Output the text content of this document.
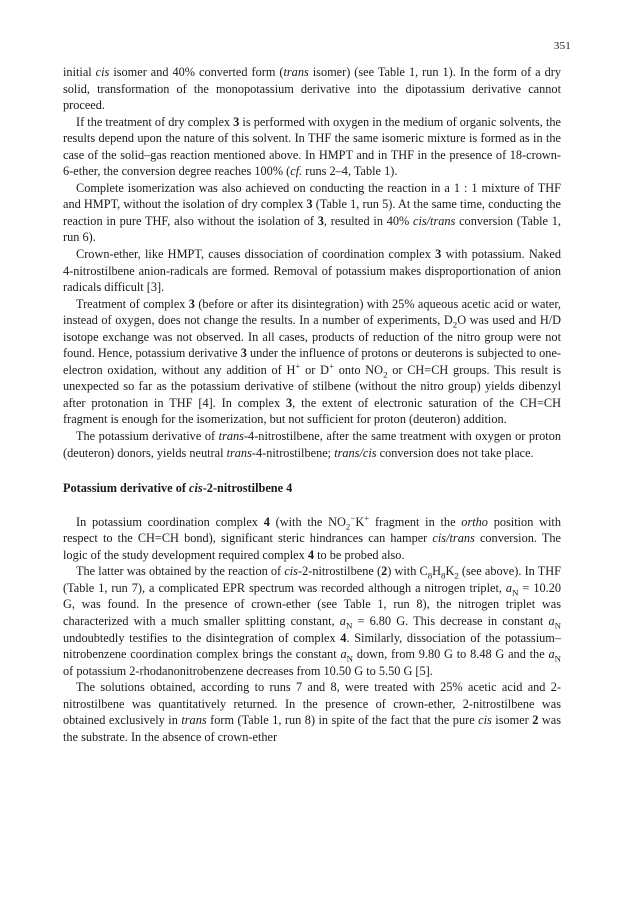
351

initial cis isomer and 40% converted form (trans isomer) (see Table 1, run 1). In the form of a dry solid, transformation of the monopotassium derivative into the dipotassium derivative cannot proceed.

If the treatment of dry complex 3 is performed with oxygen in the medium of organic solvents, the results depend upon the nature of this solvent. In THF the same isomeric mixture is formed as in the case of the solid–gas reaction mentioned above. In HMPT and in THF in the presence of 18-crown-6-ether, the conversion degree reaches 100% (cf. runs 2–4, Table 1).

Complete isomerization was also achieved on conducting the reaction in a 1 : 1 mixture of THF and HMPT, without the isolation of dry complex 3 (Table 1, run 5). At the same time, conducting the reaction in pure THF, also without the isolation of 3, resulted in 40% cis/trans conversion (Table 1, run 6).

Crown-ether, like HMPT, causes dissociation of coordination complex 3 with potassium. Naked 4-nitrostilbene anion-radicals are formed. Removal of potassium makes disproportionation of anion radicals difficult [3].

Treatment of complex 3 (before or after its disintegration) with 25% aqueous acetic acid or water, instead of oxygen, does not change the results. In a number of experiments, $D_2O$ was used and H/D isotope exchange was not observed. In all cases, products of reduction of the nitro group were not found. Hence, potassium derivative 3 under the influence of protons or deuterons is subjected to one-electron oxidation, without any addition of H+ or D+ onto $NO_2$ or CH=CH groups. This result is unexpected so far as the potassium derivative of stilbene (without the nitro group) yields dibenzyl after protonation in THF [4]. In complex 3, the extent of electronic saturation of the CH=CH fragment is enough for the isomerization, but not sufficient for proton (deuteron) addition.

The potassium derivative of trans-4-nitrostilbene, after the same treatment with oxygen or proton (deuteron) donors, yields neutral trans-4-nitrostilbene; trans/cis conversion does not take place.

Potassium derivative of cis-2-nitrostilbene 4

In potassium coordination complex 4 (with the $NO_2^-K^+$ fragment in the ortho position with respect to the CH=CH bond), significant steric hindrances can hamper cis/trans conversion. The logic of the study development required complex 4 to be probed also.

The latter was obtained by the reaction of cis-2-nitrostilbene (2) with $C_8H_8K_2$ (see above). In THF (Table 1, run 7), a complicated EPR spectrum was recorded although a nitrogen triplet, $a_N = 10.20$ G, was found. In the presence of crown-ether (see Table 1, run 8), the nitrogen triplet was characterized with a much smaller splitting constant, $a_N = 6.80$ G. This decrease in constant $a_N$ undoubtedly testifies to the disintegration of complex 4. Similarly, dissociation of the potassium–nitrobenzene coordination complex brings the constant $a_N$ down, from 9.80 G to 8.48 G and the $a_N$ of potassium 2-rhodanonitrobenzene decreases from 10.50 G to 5.50 G [5].

The solutions obtained, according to runs 7 and 8, were treated with 25% acetic acid and 2-nitrostilbene was quantitatively returned. In the presence of crown-ether, 2-nitrostilbene was obtained exclusively in trans form (Table 1, run 8) in spite of the fact that the pure cis isomer 2 was the substrate. In the absence of crown-ether
